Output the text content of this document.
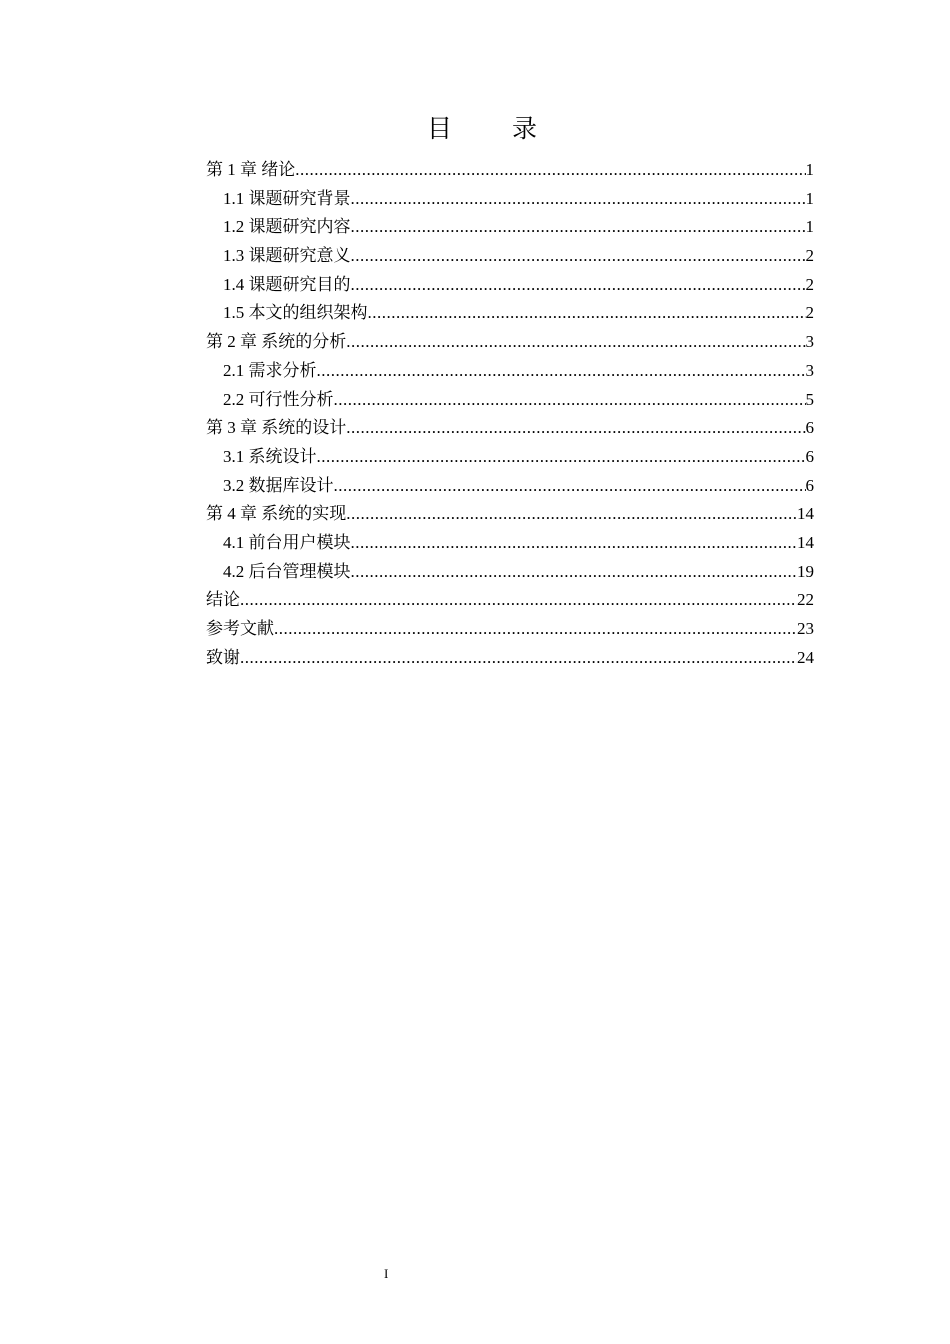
目 录
第 1 章 绪论 .....	1
1.1 课题研究背景 .....	1
1.2 课题研究内容 .....	1
1.3 课题研究意义 .....	2
1.4 课题研究目的 .....	2
1.5 本文的组织架构 .....	2
第 2 章 系统的分析 .....	3
2.1 需求分析 .....	3
2.2 可行性分析 .....	5
第 3 章 系统的设计 .....	6
3.1 系统设计 .....	6
3.2 数据库设计 .....	6
第 4 章 系统的实现 .....	14
4.1 前台用户模块 .....	14
4.2 后台管理模块 .....	19
结论 .....	22
参考文献 .....	23
致谢 .....	24
I
